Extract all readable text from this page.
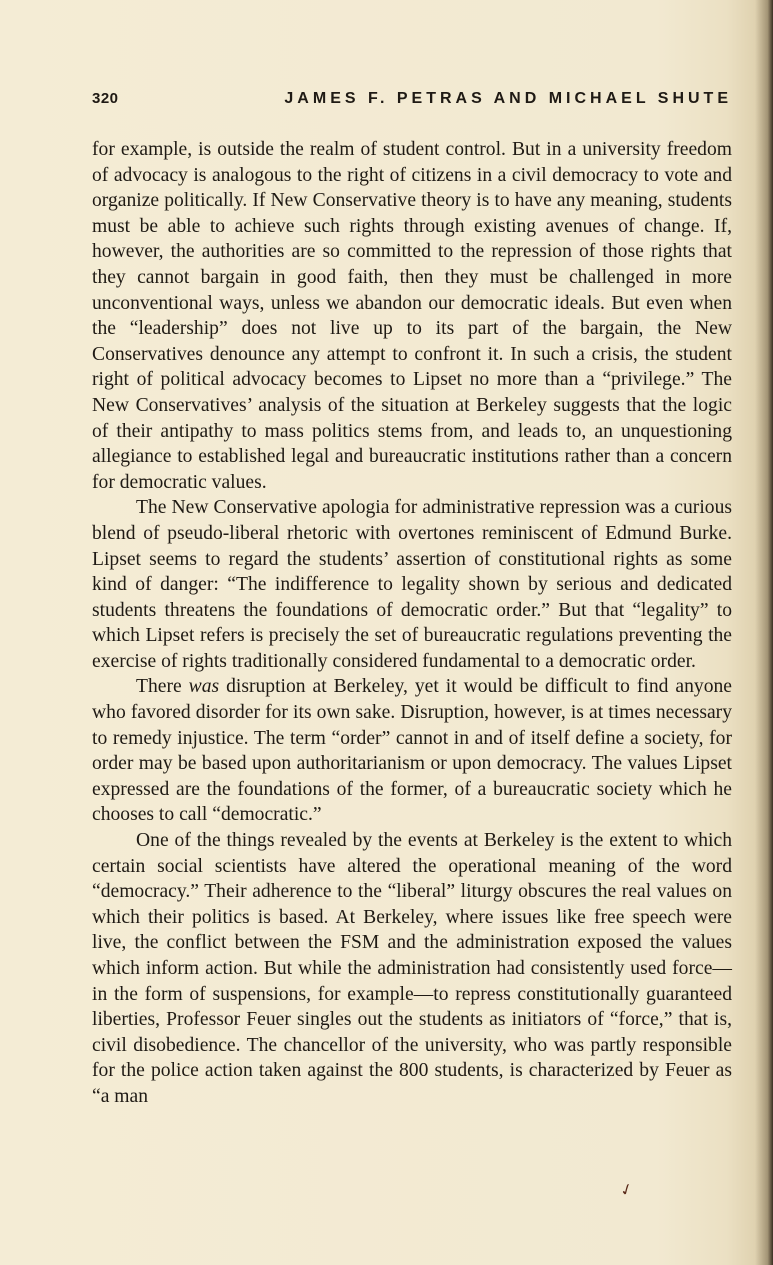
320	JAMES F. PETRAS AND MICHAEL SHUTE

for example, is outside the realm of student control. But in a university freedom of advocacy is analogous to the right of citizens in a civil democracy to vote and organize politically. If New Conservative theory is to have any meaning, students must be able to achieve such rights through existing avenues of change. If, however, the authorities are so committed to the repression of those rights that they cannot bargain in good faith, then they must be challenged in more unconventional ways, unless we abandon our democratic ideals. But even when the “leadership” does not live up to its part of the bargain, the New Conservatives denounce any attempt to confront it. In such a crisis, the student right of political advocacy becomes to Lipset no more than a “privilege.” The New Conservatives’ analysis of the situation at Berkeley suggests that the logic of their antipathy to mass politics stems from, and leads to, an unquestioning allegiance to established legal and bureaucratic institutions rather than a concern for democratic values.

The New Conservative apologia for administrative repression was a curious blend of pseudo-liberal rhetoric with overtones reminiscent of Edmund Burke. Lipset seems to regard the students’ assertion of constitutional rights as some kind of danger: “The indifference to legality shown by serious and dedicated students threatens the foundations of democratic order.” But that “legality” to which Lipset refers is precisely the set of bureaucratic regulations preventing the exercise of rights traditionally considered fundamental to a democratic order.

There was disruption at Berkeley, yet it would be difficult to find anyone who favored disorder for its own sake. Disruption, however, is at times necessary to remedy injustice. The term “order” cannot in and of itself define a society, for order may be based upon authoritarianism or upon democracy. The values Lipset expressed are the foundations of the former, of a bureaucratic society which he chooses to call “democratic.”

One of the things revealed by the events at Berkeley is the extent to which certain social scientists have altered the operational meaning of the word “democracy.” Their adherence to the “liberal” liturgy obscures the real values on which their politics is based. At Berkeley, where issues like free speech were live, the conflict between the FSM and the administration exposed the values which inform action. But while the administration had consistently used force—in the form of suspensions, for example—to repress constitutionally guaranteed liberties, Professor Feuer singles out the students as initiators of “force,” that is, civil disobedience. The chancellor of the university, who was partly responsible for the police action taken against the 800 students, is characterized by Feuer as “a man

✓
